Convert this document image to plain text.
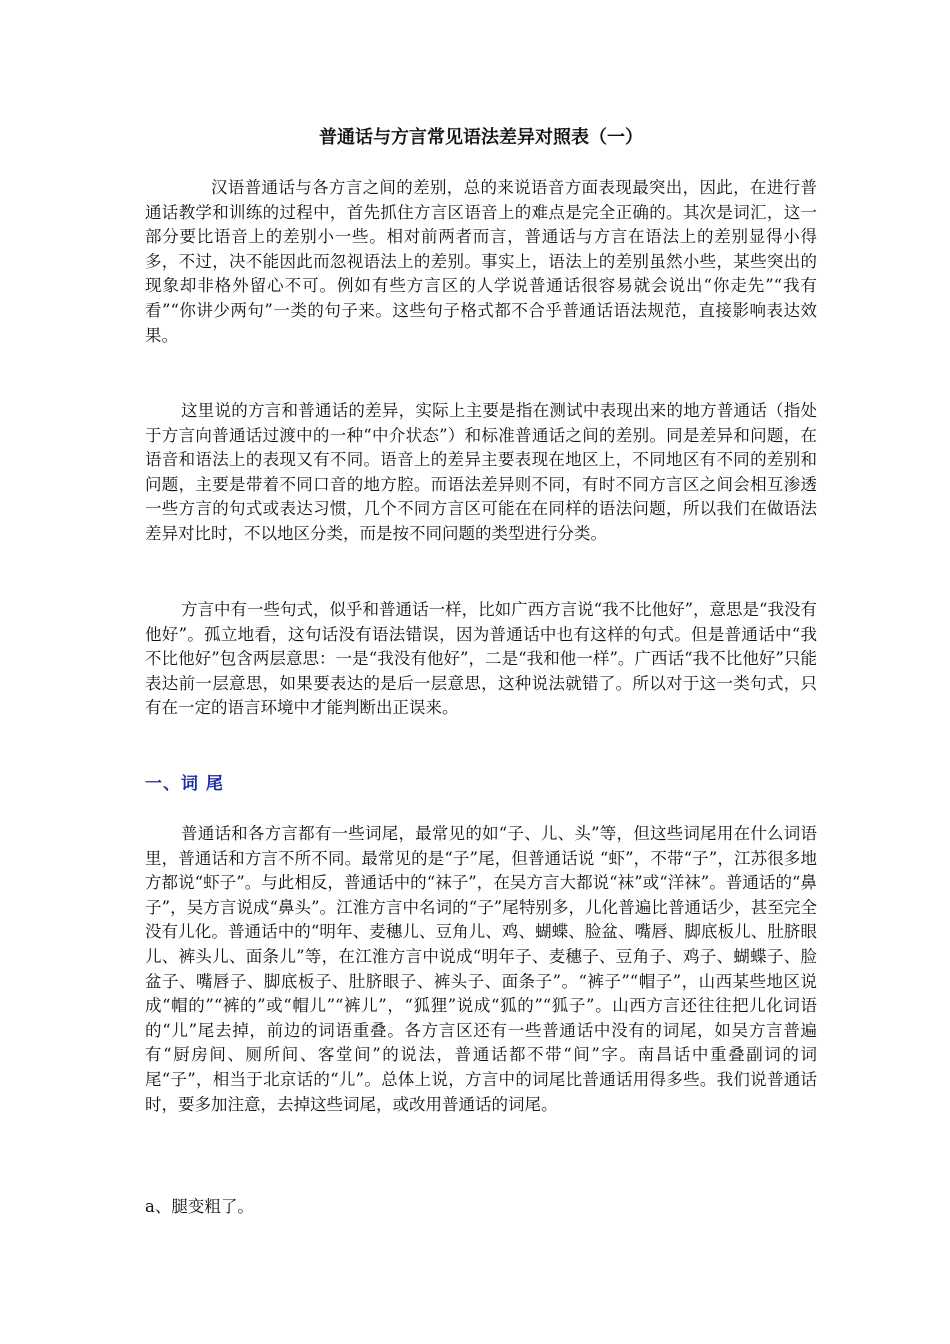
普通话与方言常见语法差异对照表（一）

汉语普通话与各方言之间的差别，总的来说语音方面表现最突出，因此，在进行普通话教学和训练的过程中，首先抓住方言区语音上的难点是完全正确的。其次是词汇，这一部分要比语音上的差别小一些。相对前两者而言，普通话与方言在语法上的差别显得小得多，不过，决不能因此而忽视语法上的差别。事实上，语法上的差别虽然小些，某些突出的现象却非格外留心不可。例如有些方言区的人学说普通话很容易就会说出“你走先”“我有看”“你讲少两句”一类的句子来。这些句子格式都不合乎普通话语法规范，直接影响表达效果。

这里说的方言和普通话的差异，实际上主要是指在测试中表现出来的地方普通话（指处于方言向普通话过渡中的一种“中介状态”）和标准普通话之间的差别。同是差异和问题，在语音和语法上的表现又有不同。语音上的差异主要表现在地区上，不同地区有不同的差别和问题，主要是带着不同口音的地方腔。而语法差异则不同，有时不同方言区之间会相互渗透一些方言的句式或表达习惯，几个不同方言区可能在在同样的语法问题，所以我们在做语法差异对比时，不以地区分类，而是按不同问题的类型进行分类。

方言中有一些句式，似乎和普通话一样，比如广西方言说“我不比他好”，意思是“我没有他好”。孤立地看，这句话没有语法错误，因为普通话中也有这样的句式。但是普通话中“我不比他好”包含两层意思：一是“我没有他好”，二是“我和他一样”。广西话“我不比他好”只能表达前一层意思，如果要表达的是后一层意思，这种说法就错了。所以对于这一类句式，只有在一定的语言环境中才能判断出正误来。

一、词 尾

普通话和各方言都有一些词尾，最常见的如“子、儿、头”等，但这些词尾用在什么词语里，普通话和方言不所不同。最常见的是“子”尾，但普通话说 “虾”，不带“子”，江苏很多地方都说“虾子”。与此相反，普通话中的“袜子”，在吴方言大都说“袜”或“洋袜”。普通话的“鼻子”，吴方言说成“鼻头”。江淮方言中名词的“子”尾特别多，儿化普遍比普通话少，甚至完全没有儿化。普通话中的“明年、麦穗儿、豆角儿、鸡、蝴蝶、脸盆、嘴唇、脚底板儿、肚脐眼儿、裤头儿、面条儿”等，在江淮方言中说成“明年子、麦穗子、豆角子、鸡子、蝴蝶子、脸盆子、嘴唇子、脚底板子、肚脐眼子、裤头子、面条子”。“裤子”“帽子”，山西某些地区说成“帽的”“裤的”或“帽儿”“裤儿”，“狐狸”说成“狐的”“狐子”。山西方言还往往把儿化词语的“儿”尾去掉，前边的词语重叠。各方言区还有一些普通话中没有的词尾，如吴方言普遍有“厨房间、厕所间、客堂间”的说法，普通话都不带“间”字。南昌话中重叠副词的词尾“子”，相当于北京话的“儿”。总体上说，方言中的词尾比普通话用得多些。我们说普通话时，要多加注意，去掉这些词尾，或改用普通话的词尾。

a、腿变粗了。
